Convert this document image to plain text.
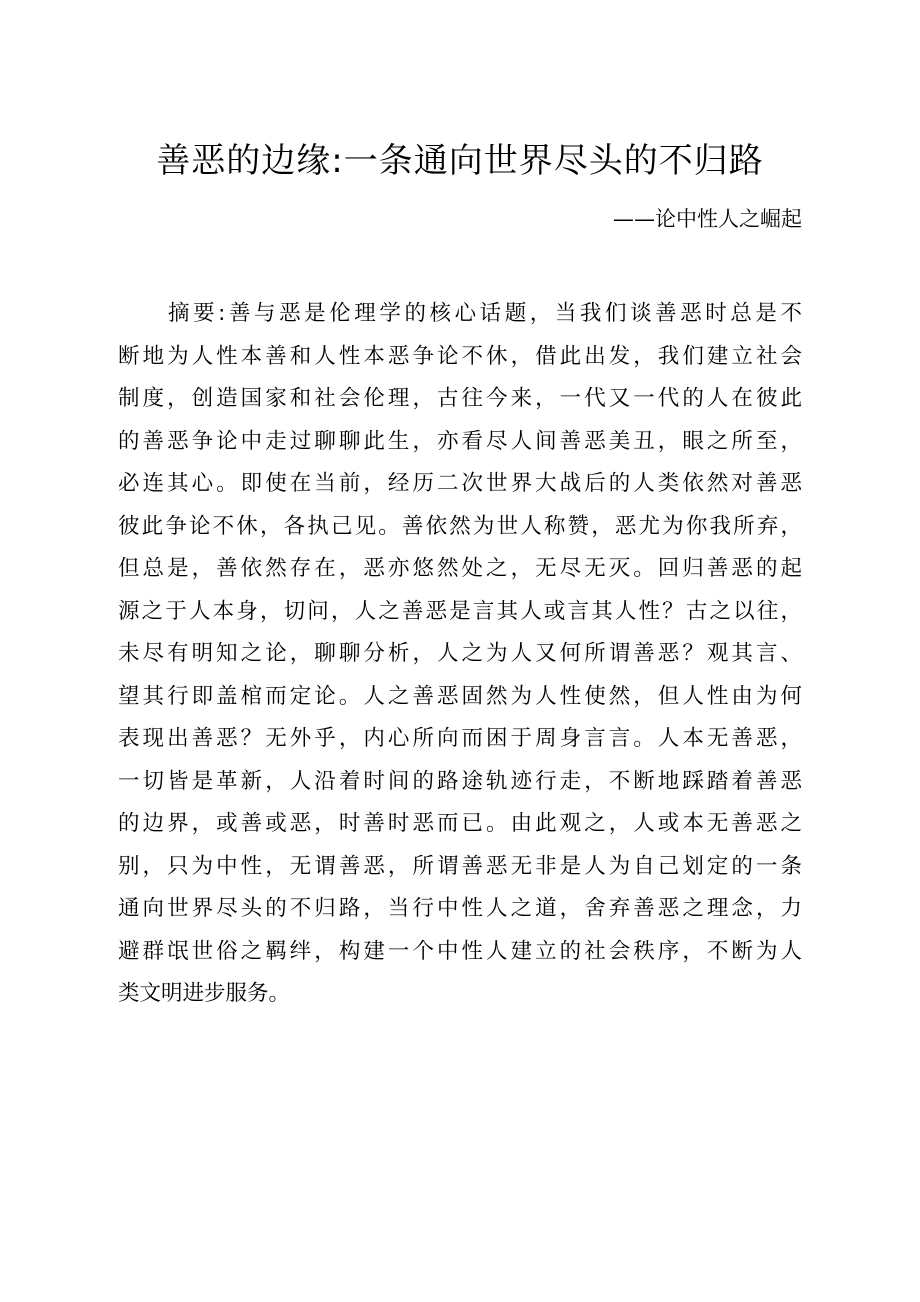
善恶的边缘:一条通向世界尽头的不归路
——论中性人之崛起
摘要:善与恶是伦理学的核心话题，当我们谈善恶时总是不
断地为人性本善和人性本恶争论不休，借此出发，我们建立社会
制度，创造国家和社会伦理，古往今来，一代又一代的人在彼此
的善恶争论中走过聊聊此生，亦看尽人间善恶美丑，眼之所至，
必连其心。即使在当前，经历二次世界大战后的人类依然对善恶
彼此争论不休，各执己见。善依然为世人称赞，恶尤为你我所弃，
但总是，善依然存在，恶亦悠然处之，无尽无灭。回归善恶的起
源之于人本身，切问，人之善恶是言其人或言其人性？古之以往，
未尽有明知之论，聊聊分析，人之为人又何所谓善恶？观其言、
望其行即盖棺而定论。人之善恶固然为人性使然，但人性由为何
表现出善恶？无外乎，内心所向而困于周身言言。人本无善恶，
一切皆是革新，人沿着时间的路途轨迹行走，不断地踩踏着善恶
的边界，或善或恶，时善时恶而已。由此观之，人或本无善恶之
别，只为中性，无谓善恶，所谓善恶无非是人为自己划定的一条
通向世界尽头的不归路，当行中性人之道，舍弃善恶之理念，力
避群氓世俗之羁绊，构建一个中性人建立的社会秩序，不断为人
类文明进步服务。
